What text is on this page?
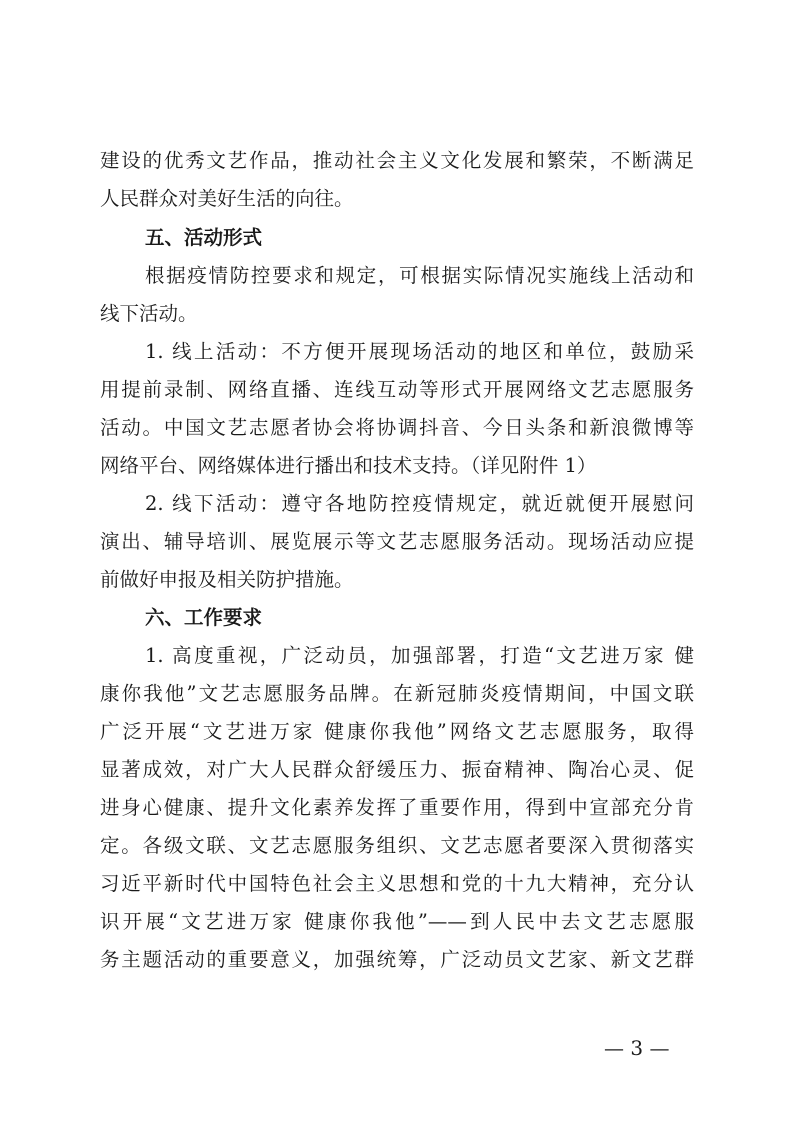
建设的优秀文艺作品，推动社会主义文化发展和繁荣，不断满足
人民群众对美好生活的向往。
五、活动形式
根据疫情防控要求和规定，可根据实际情况实施线上活动和
线下活动。
1. 线上活动：不方便开展现场活动的地区和单位，鼓励采
用提前录制、网络直播、连线互动等形式开展网络文艺志愿服务
活动。中国文艺志愿者协会将协调抖音、今日头条和新浪微博等
网络平台、网络媒体进行播出和技术支持。（详见附件 1）
2. 线下活动：遵守各地防控疫情规定，就近就便开展慰问
演出、辅导培训、展览展示等文艺志愿服务活动。现场活动应提
前做好申报及相关防护措施。
六、工作要求
1. 高度重视，广泛动员，加强部署，打造“文艺进万家 健
康你我他”文艺志愿服务品牌。在新冠肺炎疫情期间，中国文联
广泛开展“文艺进万家 健康你我他”网络文艺志愿服务，取得
显著成效，对广大人民群众舒缓压力、振奋精神、陶冶心灵、促
进身心健康、提升文化素养发挥了重要作用，得到中宣部充分肯
定。各级文联、文艺志愿服务组织、文艺志愿者要深入贯彻落实
习近平新时代中国特色社会主义思想和党的十九大精神，充分认
识开展“文艺进万家 健康你我他”——到人民中去文艺志愿服
务主题活动的重要意义，加强统筹，广泛动员文艺家、新文艺群
— 3 —
